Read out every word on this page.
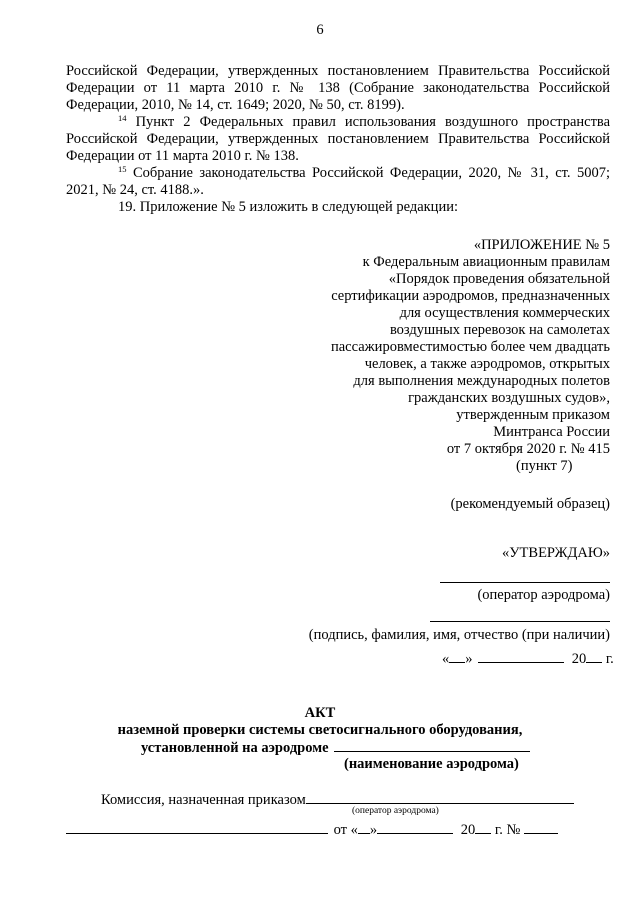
6
Российской Федерации, утвержденных постановлением Правительства Российской
Федерации от 11 марта 2010 г. № 138 (Собрание законодательства Российской
Федерации, 2010, № 14, ст. 1649; 2020, № 50, ст. 8199).
$^{14}$ Пункт 2 Федеральных правил использования воздушного пространства
Российской Федерации, утвержденных постановлением Правительства Российской
Федерации от 11 марта 2010 г. № 138.
$^{15}$ Собрание законодательства Российской Федерации, 2020, № 31, ст. 5007;
2021, № 24, ст. 4188.».
19. Приложение № 5 изложить в следующей редакции:
«ПРИЛОЖЕНИЕ № 5
к Федеральным авиационным правилам
«Порядок проведения обязательной
сертификации аэродромов, предназначенных
для осуществления коммерческих
воздушных перевозок на самолетах
пассажировместимостью более чем двадцать
человек, а также аэродромов, открытых
для выполнения международных полетов
гражданских воздушных судов»,
утвержденным приказом
Минтранса России
от 7 октября 2020 г. № 415
(пункт 7)
(рекомендуемый образец)
«УТВЕРЖДАЮ»
(оператор аэродрома)
(подпись, фамилия, имя, отчество (при наличии)
« »	20 г.
АКТ
наземной проверки системы светосигнального оборудования,
установленной на аэродроме
(наименование аэродрома)
Комиссия, назначенная приказом
(оператор аэродрома)
от « »	20 г. №
